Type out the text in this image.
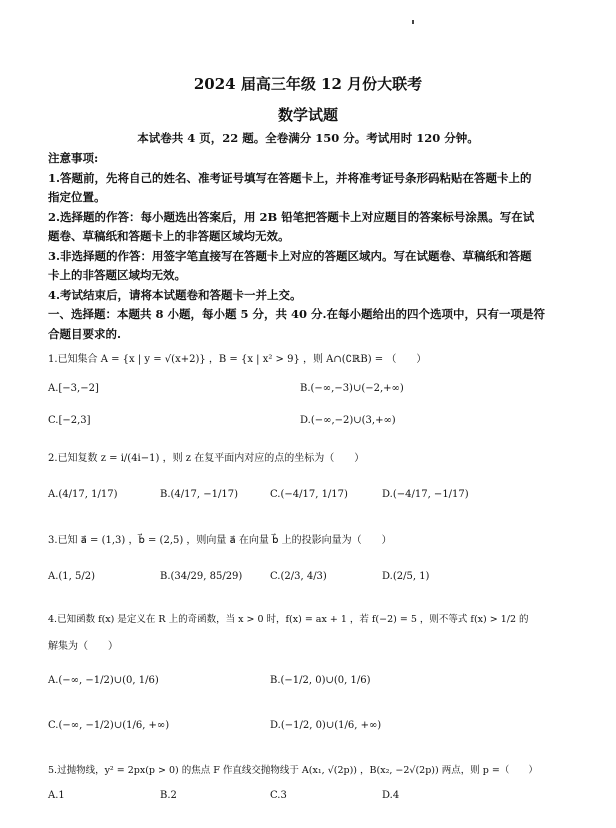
2024 届高三年级 12 月份大联考
数学试题
本试卷共 4 页，22 题。全卷满分 150 分。考试用时 120 分钟。
注意事项:
1.答题前，先将自己的姓名、准考证号填写在答题卡上，并将准考证号条形码粘贴在答题卡上的
指定位置。
2.选择题的作答：每小题选出答案后，用 2B 铅笔把答题卡上对应题目的答案标号涂黑。写在试
题卷、草稿纸和答题卡上的非答题区域均无效。
3.非选择题的作答：用签字笔直接写在答题卡上对应的答题区域内。写在试题卷、草稿纸和答题
卡上的非答题区域均无效。
4.考试结束后，请将本试题卷和答题卡一并上交。
一、选择题：本题共 8 小题，每小题 5 分，共 40 分.在每小题给出的四个选项中，只有一项是符
合题目要求的.
1.已知集合 A = {x | y = √(x+2)} ，B = {x | x² > 9} ，则 A∩(∁ℝB) = （　　）
A.[−3,−2]	B.(−∞,−3)∪(−2,+∞)
C.[−2,3]	D.(−∞,−2)∪(3,+∞)
2.已知复数 z = i/(4i−1) ，则 z 在复平面内对应的点的坐标为（　　）
A.(4/17, 1/17)	B.(4/17, −1/17)	C.(−4/17, 1/17)	D.(−4/17, −1/17)
3.已知 a⃗ = (1,3) ，b⃗ = (2,5) ，则向量 a⃗ 在向量 b⃗ 上的投影向量为（　　）
A.(1, 5/2)	B.(34/29, 85/29)	C.(2/3, 4/3)	D.(2/5, 1)
4.已知函数 f(x) 是定义在 R 上的奇函数，当 x > 0 时，f(x) = ax + 1 ，若 f(−2) = 5 ，则不等式 f(x) > 1/2 的
解集为（　　）
A.(−∞, −1/2)∪(0, 1/6)	B.(−1/2, 0)∪(0, 1/6)
C.(−∞, −1/2)∪(1/6, +∞)	D.(−1/2, 0)∪(1/6, +∞)
5.过抛物线，y² = 2px(p > 0) 的焦点 F 作直线交抛物线于 A(x₁, √(2p)) ，B(x₂, −2√(2p)) 两点，则 p =（　　）
A.1	B.2	C.3	D.4
